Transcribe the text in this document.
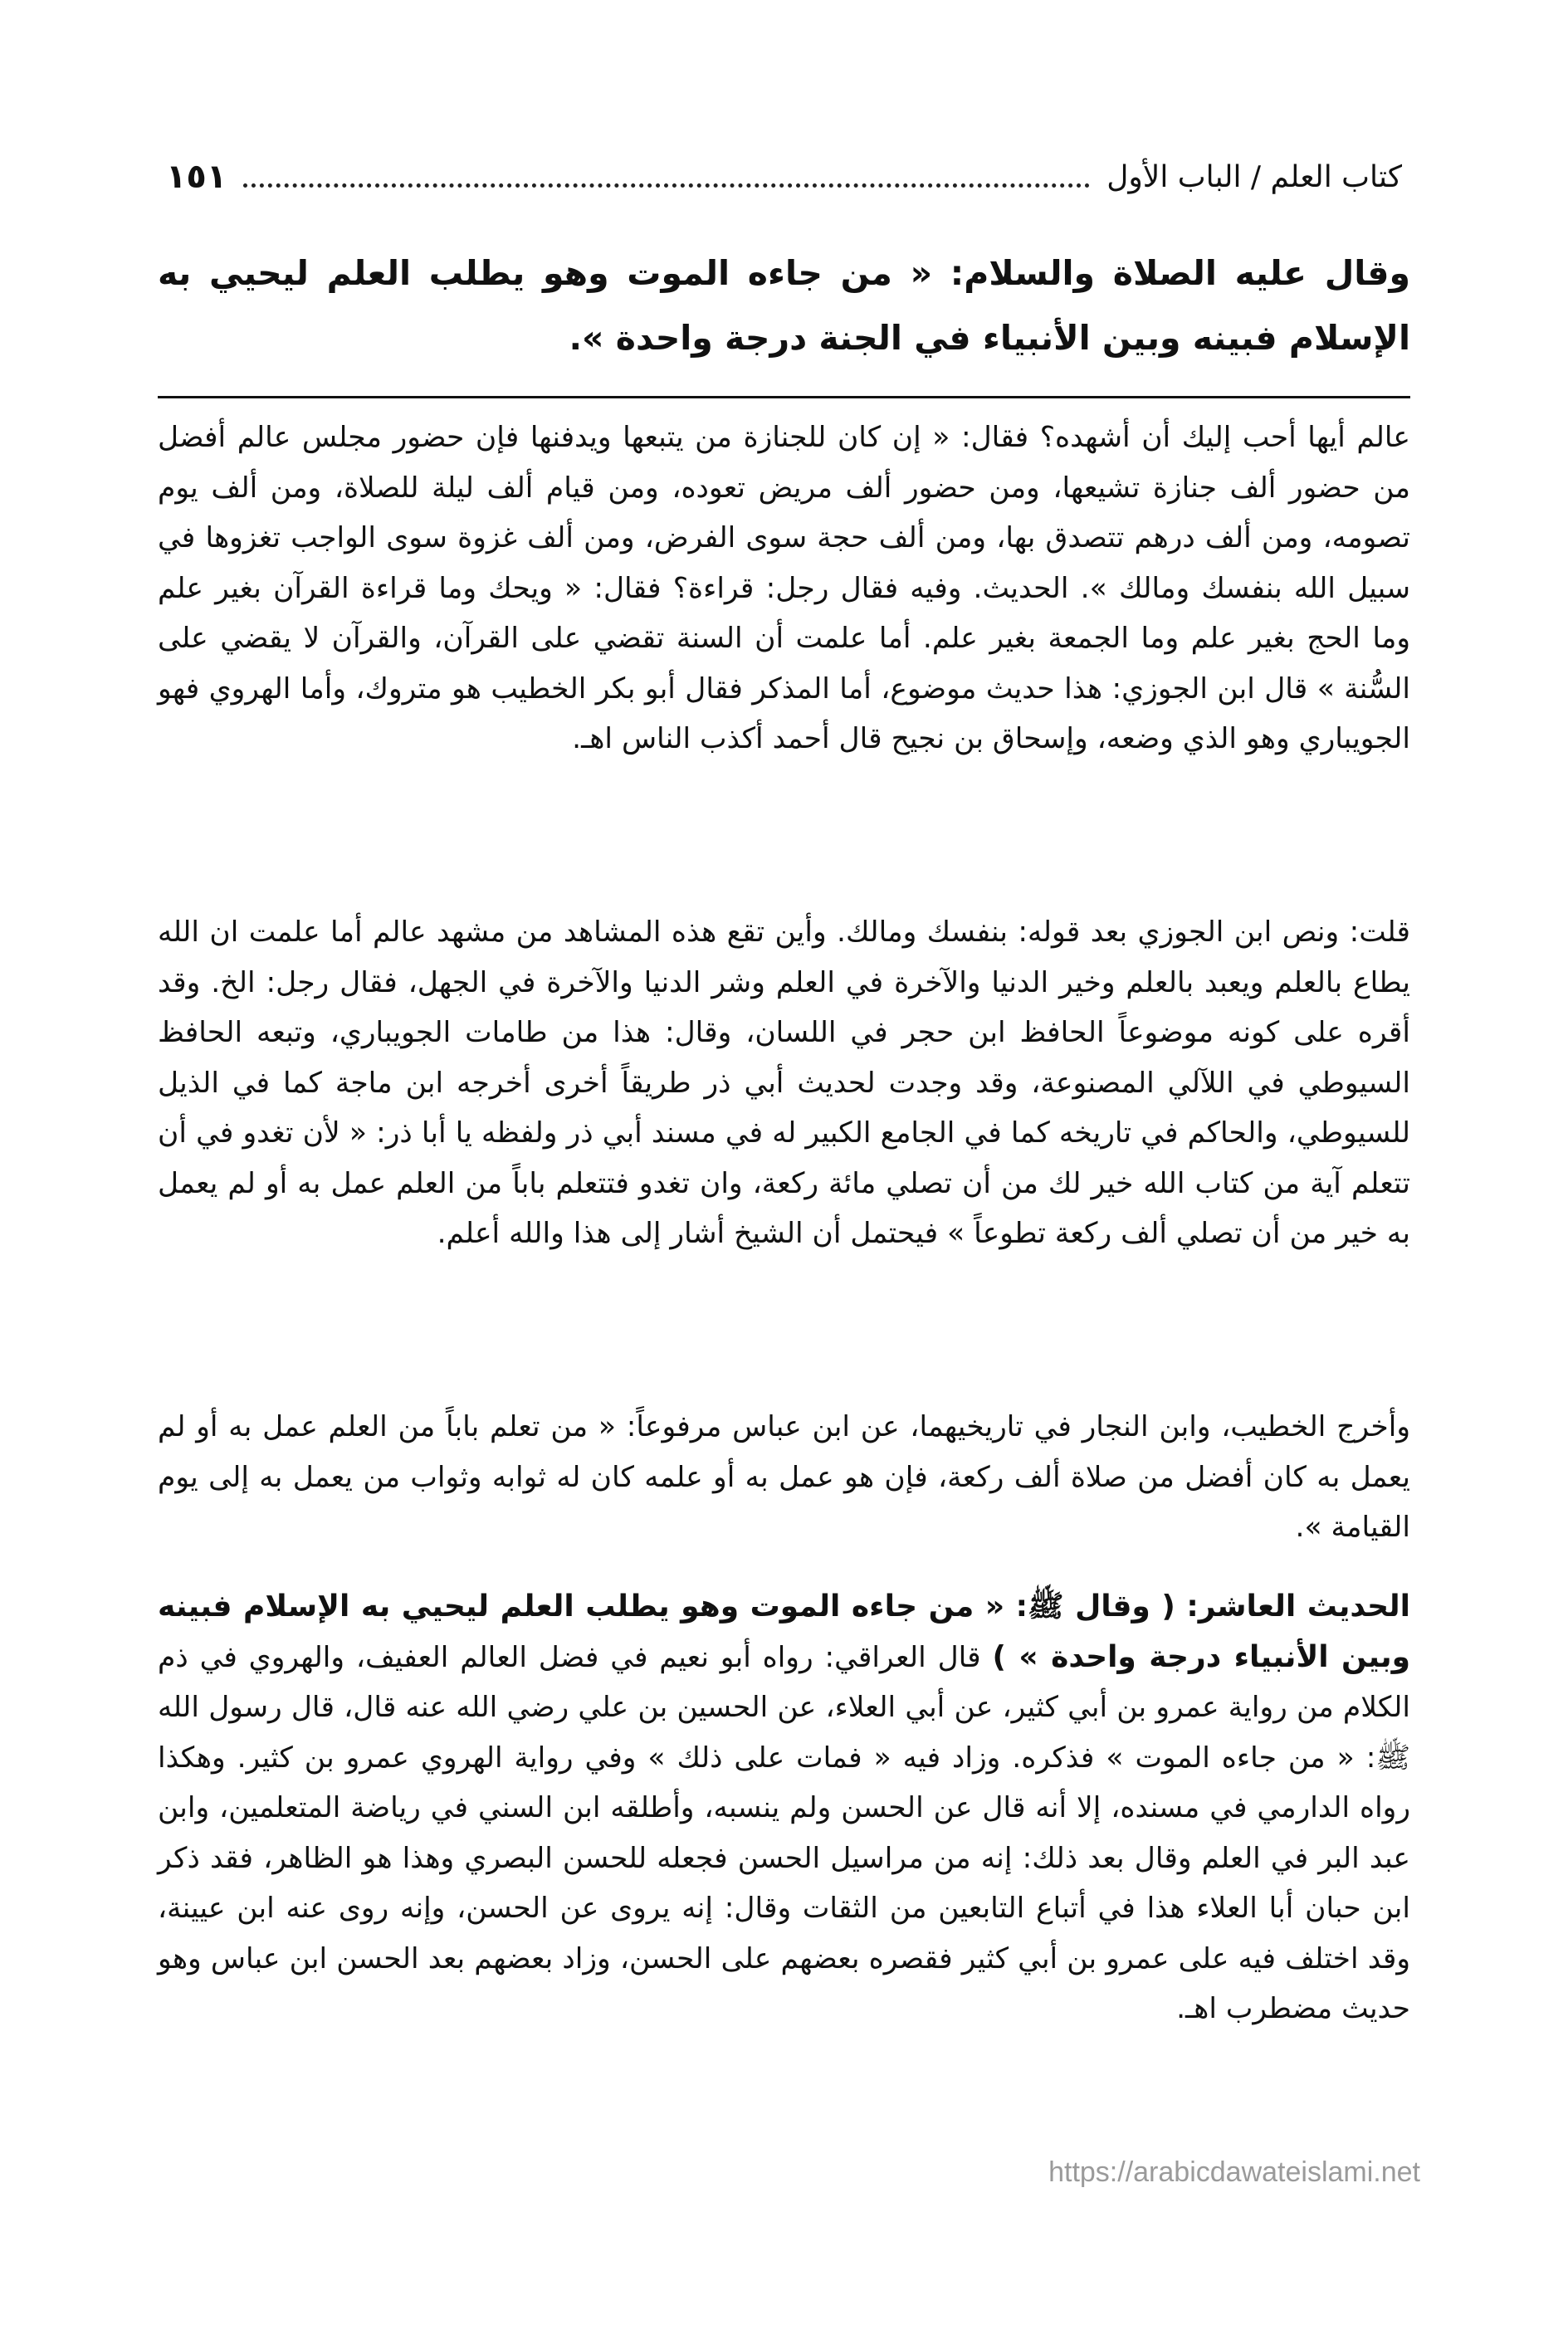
١٥١	كتاب العلم / الباب الأول

وقال عليه الصلاة والسلام: « من جاءه الموت وهو يطلب العلم ليحيي به الإسلام فبينه وبين الأنبياء في الجنة درجة واحدة ».

عالم أيها أحب إليك أن أشهده؟ فقال: « إن كان للجنازة من يتبعها ويدفنها فإن حضور مجلس عالم أفضل من حضور ألف جنازة تشيعها، ومن حضور ألف مريض تعوده، ومن قيام ألف ليلة للصلاة، ومن ألف يوم تصومه، ومن ألف درهم تتصدق بها، ومن ألف حجة سوى الفرض، ومن ألف غزوة سوى الواجب تغزوها في سبيل الله بنفسك ومالك ». الحديث. وفيه فقال رجل: قراءة؟ فقال: « ويحك وما قراءة القرآن بغير علم وما الحج بغير علم وما الجمعة بغير علم. أما علمت أن السنة تقضي على القرآن، والقرآن لا يقضي على السُّنة » قال ابن الجوزي: هذا حديث موضوع، أما المذكر فقال أبو بكر الخطيب هو متروك، وأما الهروي فهو الجويباري وهو الذي وضعه، وإسحاق بن نجيح قال أحمد أكذب الناس اهـ.

قلت: ونص ابن الجوزي بعد قوله: بنفسك ومالك. وأين تقع هذه المشاهد من مشهد عالم أما علمت ان الله يطاع بالعلم ويعبد بالعلم وخير الدنيا والآخرة في العلم وشر الدنيا والآخرة في الجهل، فقال رجل: الخ. وقد أقره على كونه موضوعاً الحافظ ابن حجر في اللسان، وقال: هذا من طامات الجويباري، وتبعه الحافظ السيوطي في اللآلي المصنوعة، وقد وجدت لحديث أبي ذر طريقاً أخرى أخرجه ابن ماجة كما في الذيل للسيوطي، والحاكم في تاريخه كما في الجامع الكبير له في مسند أبي ذر ولفظه يا أبا ذر: « لأن تغدو في أن تتعلم آية من كتاب الله خير لك من أن تصلي مائة ركعة، وان تغدو فتتعلم باباً من العلم عمل به أو لم يعمل به خير من أن تصلي ألف ركعة تطوعاً » فيحتمل أن الشيخ أشار إلى هذا والله أعلم.

وأخرج الخطيب، وابن النجار في تاريخيهما، عن ابن عباس مرفوعاً: « من تعلم باباً من العلم عمل به أو لم يعمل به كان أفضل من صلاة ألف ركعة، فإن هو عمل به أو علمه كان له ثوابه وثواب من يعمل به إلى يوم القيامة ».

الحديث العاشر: ( وقال ﷺ: « من جاءه الموت وهو يطلب العلم ليحيي به الإسلام فبينه وبين الأنبياء درجة واحدة » ) قال العراقي: رواه أبو نعيم في فضل العالم العفيف، والهروي في ذم الكلام من رواية عمرو بن أبي كثير، عن أبي العلاء، عن الحسين بن علي رضي الله عنه قال، قال رسول الله ﷺ: « من جاءه الموت » فذكره. وزاد فيه « فمات على ذلك » وفي رواية الهروي عمرو بن كثير. وهكذا رواه الدارمي في مسنده، إلا أنه قال عن الحسن ولم ينسبه، وأطلقه ابن السني في رياضة المتعلمين، وابن عبد البر في العلم وقال بعد ذلك: إنه من مراسيل الحسن فجعله للحسن البصري وهذا هو الظاهر، فقد ذكر ابن حبان أبا العلاء هذا في أتباع التابعين من الثقات وقال: إنه يروى عن الحسن، وإنه روى عنه ابن عيينة، وقد اختلف فيه على عمرو بن أبي كثير فقصره بعضهم على الحسن، وزاد بعضهم بعد الحسن ابن عباس وهو حديث مضطرب اهـ.

https://arabicdawateislami.net
